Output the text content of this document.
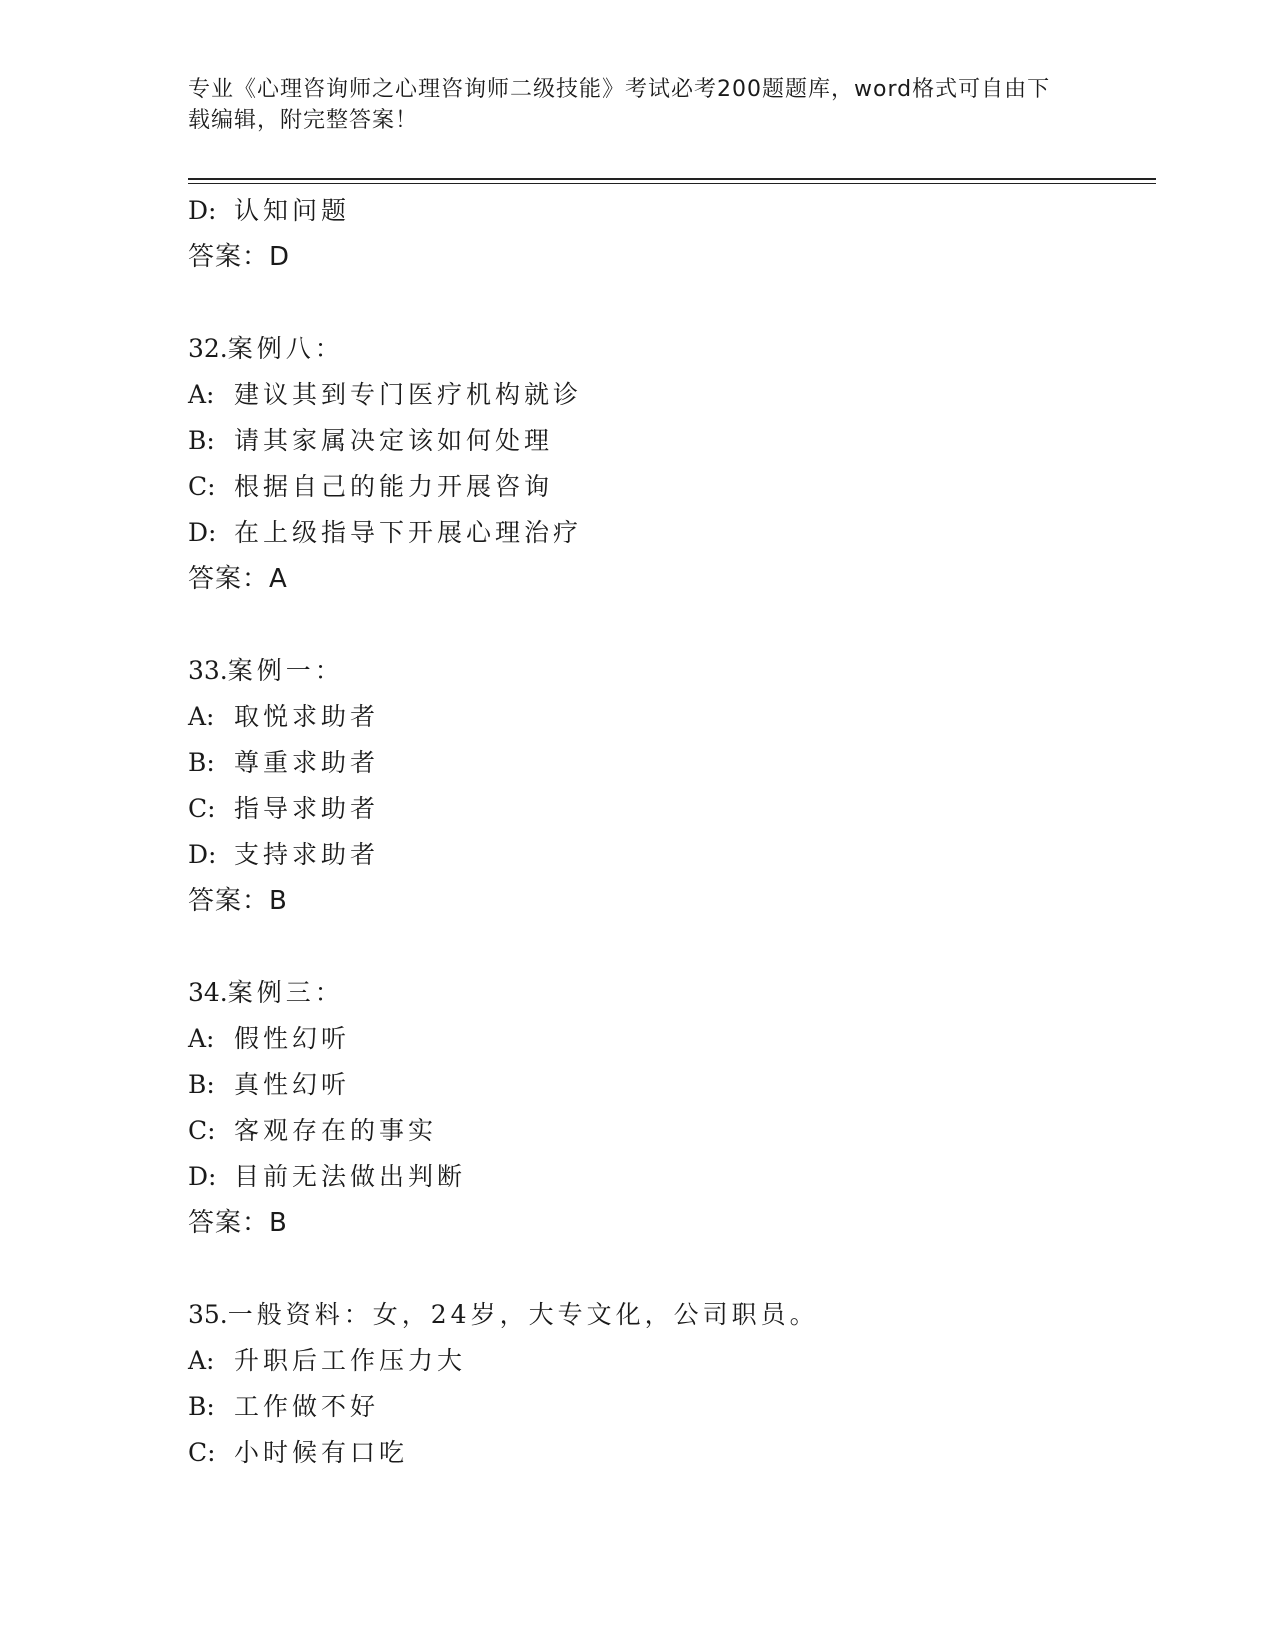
专业《心理咨询师之心理咨询师二级技能》考试必考200题题库，word格式可自由下载编辑，附完整答案！

D: 认知问题
答案：D
32.案例八：
A: 建议其到专门医疗机构就诊
B: 请其家属决定该如何处理
C: 根据自己的能力开展咨询
D: 在上级指导下开展心理治疗
答案：A
33.案例一：
A: 取悦求助者
B: 尊重求助者
C: 指导求助者
D: 支持求助者
答案：B
34.案例三：
A: 假性幻听
B: 真性幻听
C: 客观存在的事实
D: 目前无法做出判断
答案：B
35.一般资料：女，24岁，大专文化，公司职员。
A: 升职后工作压力大
B: 工作做不好
C: 小时候有口吃
